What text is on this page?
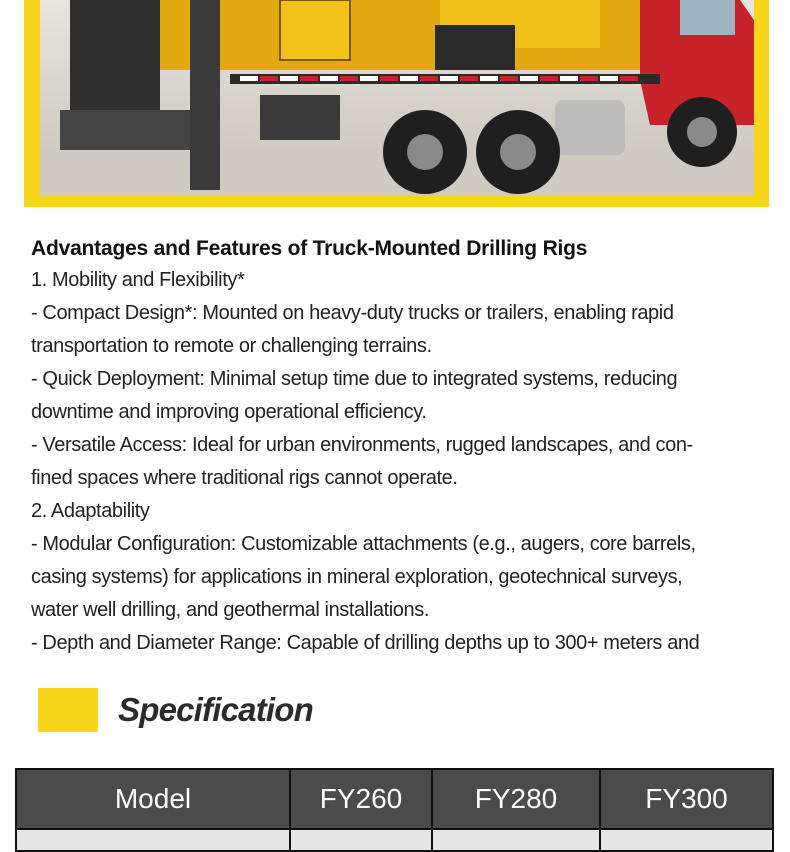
Advantages and Features of Truck-Mounted Drilling Rigs

1. Mobility and Flexibility*

- Compact Design*: Mounted on heavy-duty trucks or trailers, enabling rapid

transportation to remote or challenging terrains.

- Quick Deployment: Minimal setup time due to integrated systems, reducing

downtime and improving operational efficiency.

- Versatile Access: Ideal for urban environments, rugged landscapes, and con-

fined spaces where traditional rigs cannot operate.

2. Adaptability

- Modular Configuration: Customizable attachments (e.g., augers, core barrels,

casing systems) for applications in mineral exploration, geotechnical surveys,

water well drilling, and geothermal installations.

- Depth and Diameter Range: Capable of drilling depths up to 300+ meters and

Specification
Model	FY260	FY280	FY300
